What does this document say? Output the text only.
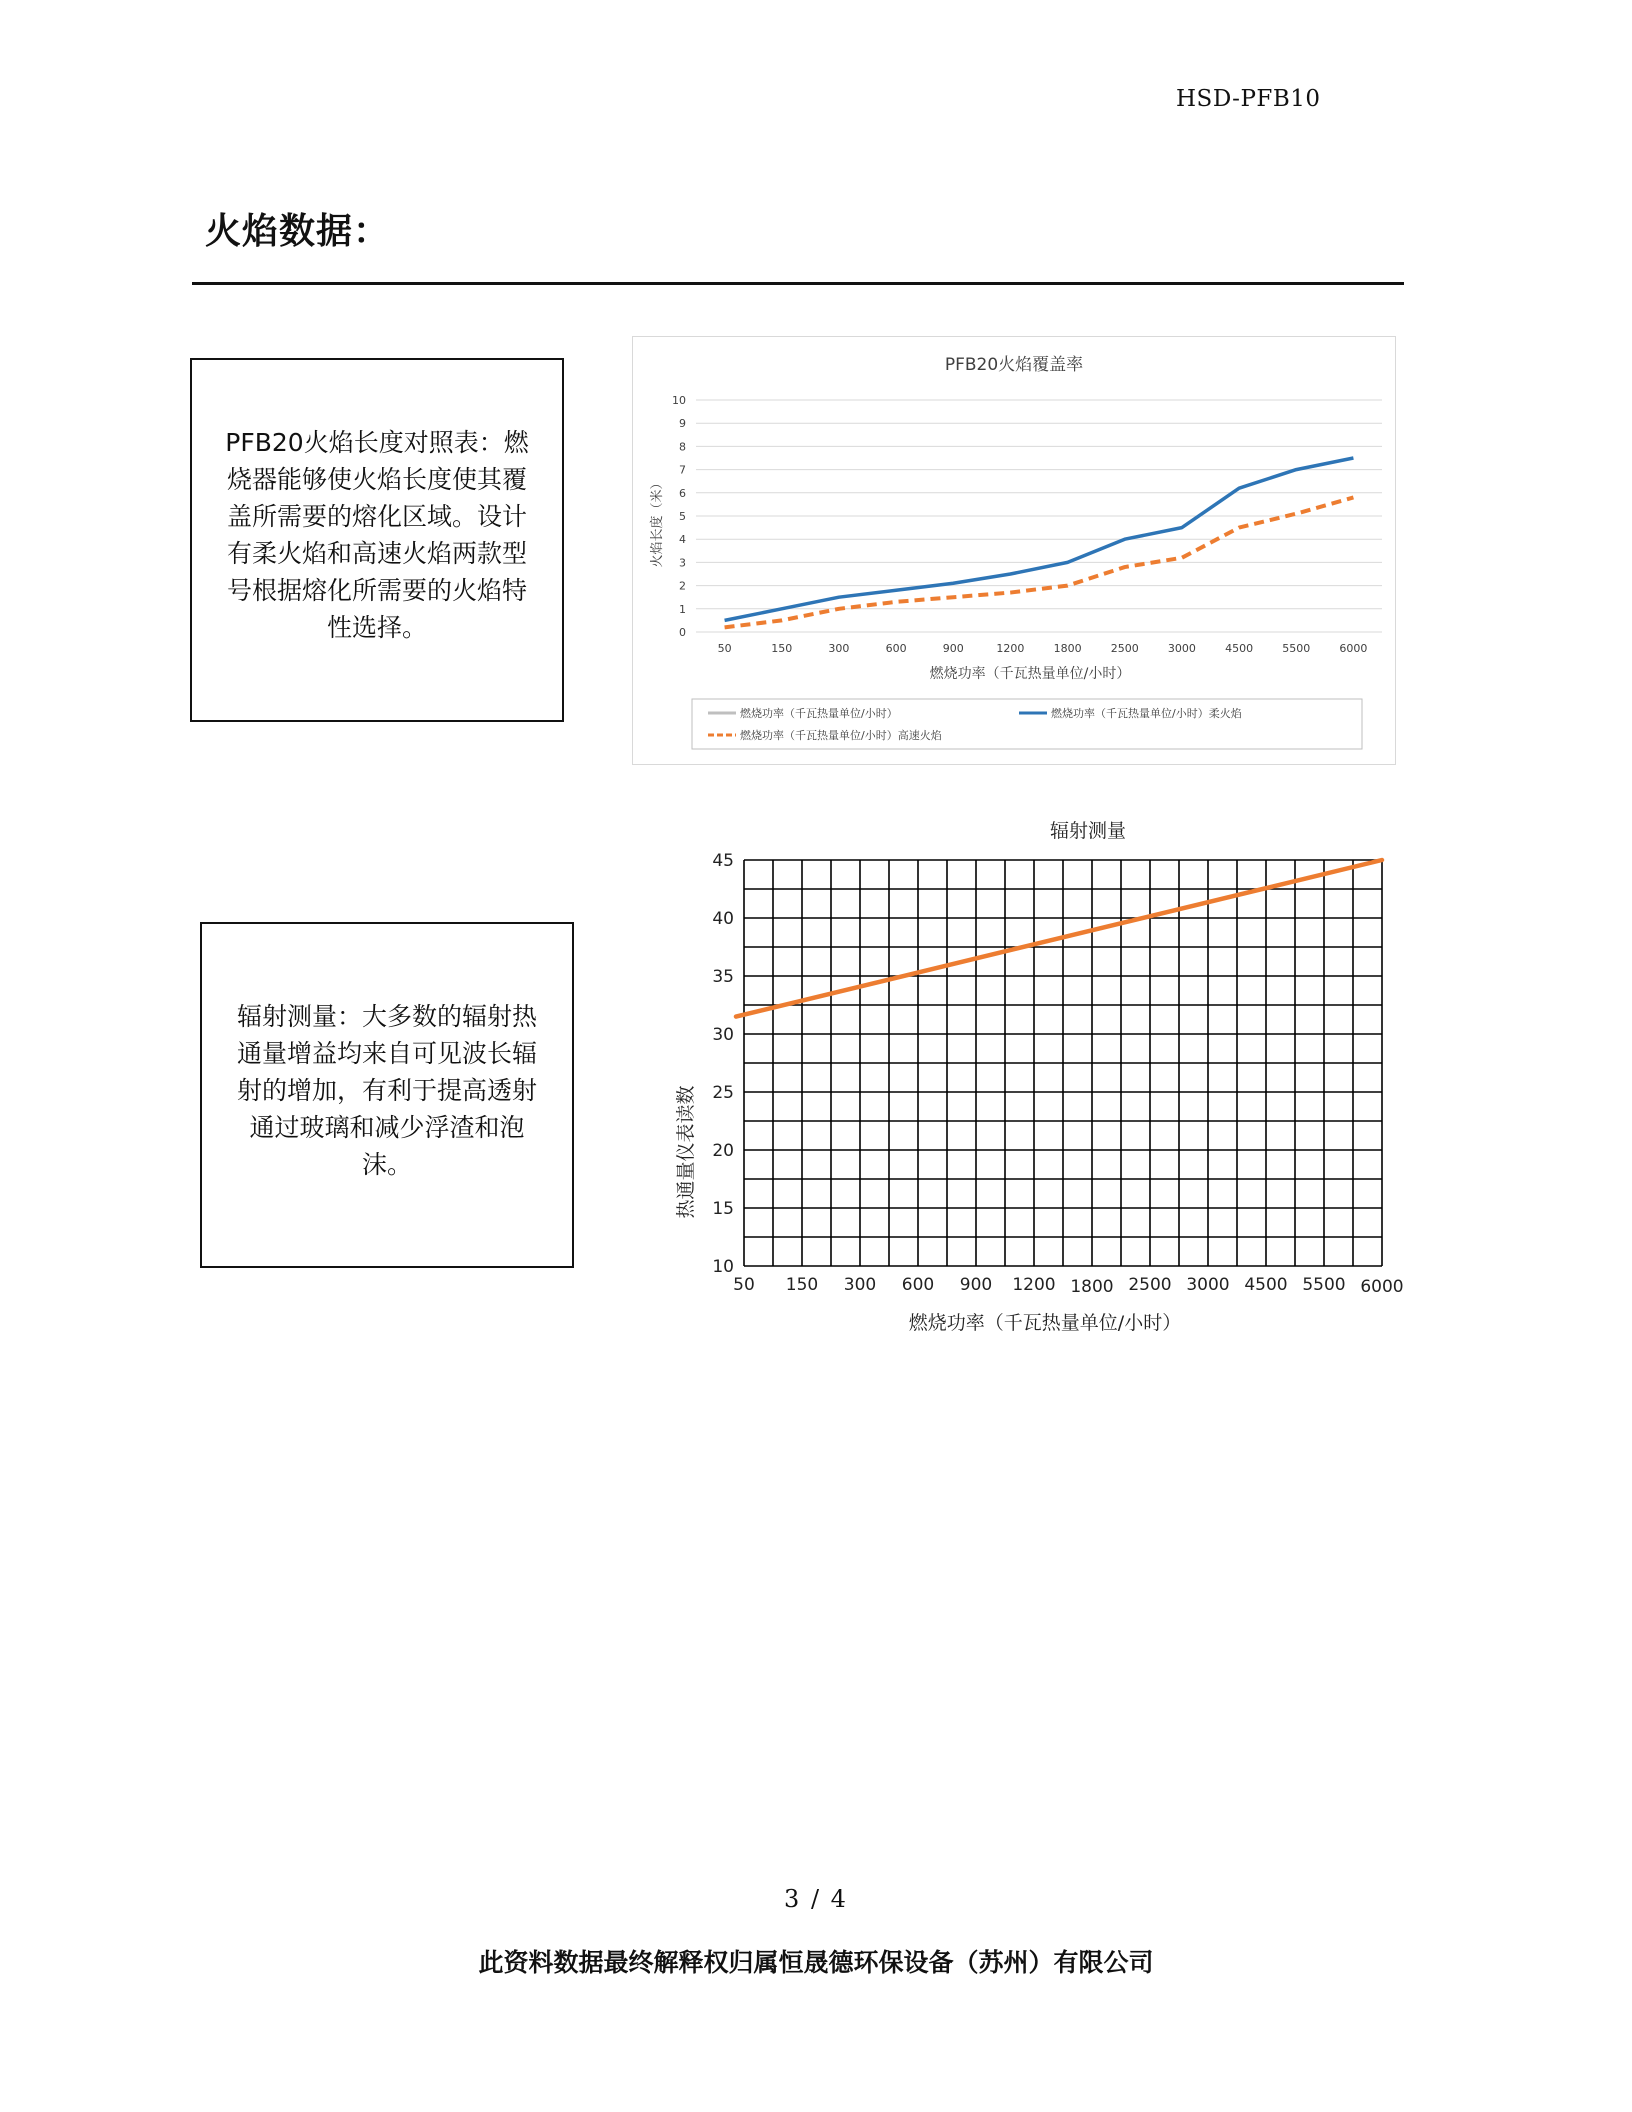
HSD-PFB10
火焰数据：

PFB20火焰长度对照表：燃烧器能够使火焰长度使其覆盖所需要的熔化区域。设计有柔火焰和高速火焰两款型号根据熔化所需要的火焰特性选择。

PFB20火焰覆盖率
0
1
2
3
4
5
6
7
8
9
10
50	150	300	600	900	1200	1800	2500	3000	4500	5500	6000
燃烧功率（千瓦热量单位/小时）
火焰长度（米）
燃烧功率（千瓦热量单位/小时）	燃烧功率（千瓦热量单位/小时）柔火焰
燃烧功率（千瓦热量单位/小时）高速火焰

辐射测量：大多数的辐射热通量增益均来自可见波长辐射的增加，有利于提高透射通过玻璃和减少浮渣和泡沫。

辐射测量
10
15
20
25
30
35
40
45
50 150 300 600 900 1200 1800 2500 3000 4500 5500 6000
燃烧功率（千瓦热量单位/小时）
热通量仪表读数
3 / 4
此资料数据最终解释权归属恒晟德环保设备（苏州）有限公司
